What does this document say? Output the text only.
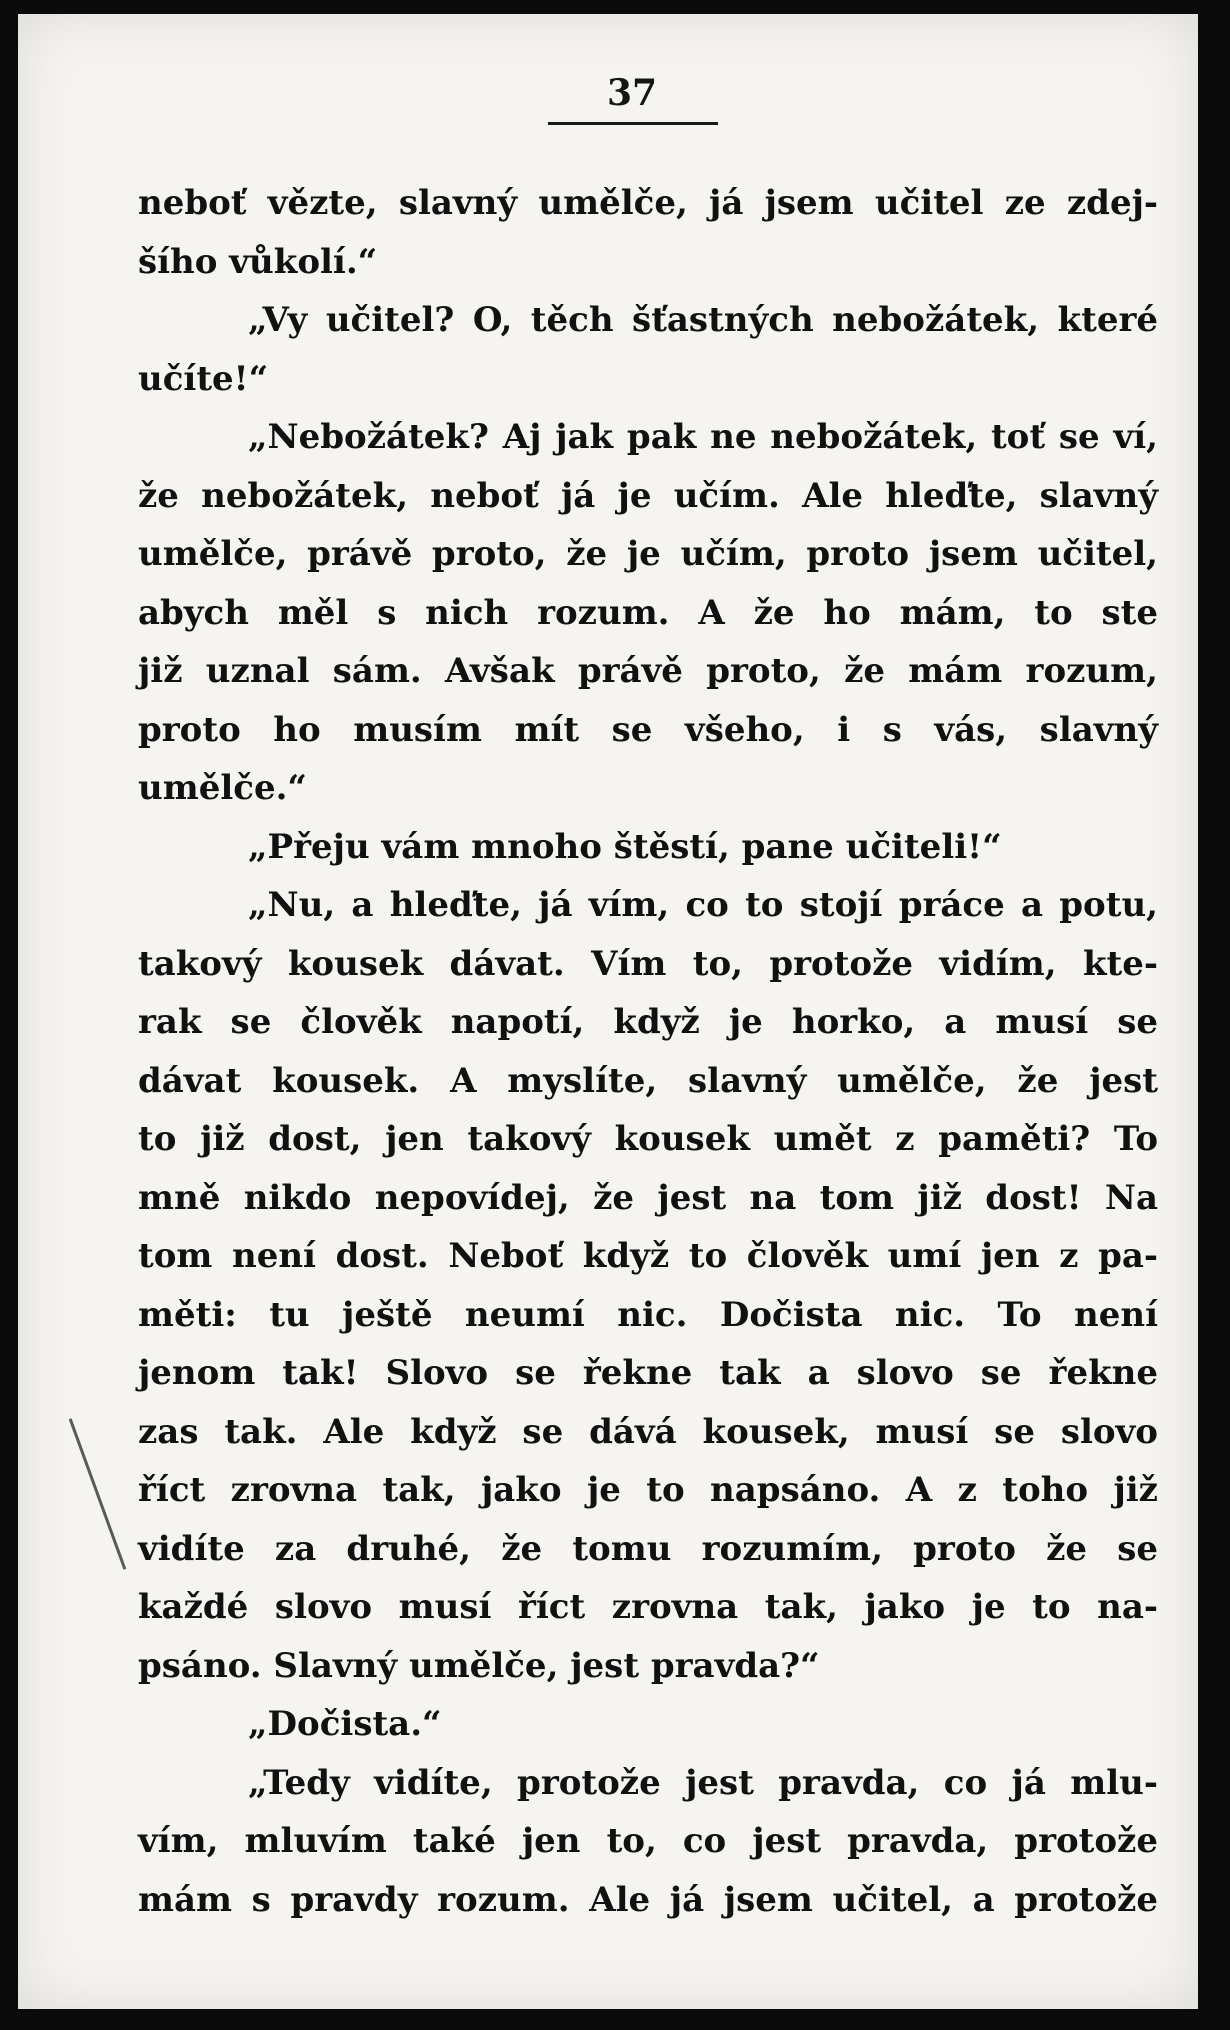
37
neboť vězte, slavný umělče, já jsem učitel ze zdej-
šího vůkolí.“
„Vy učitel? O, těch šťastných nebožátek, které
učíte!“
„Nebožátek? Aj jak pak ne nebožátek, toť se ví,
že nebožátek, neboť já je učím. Ale hleďte, slavný
umělče, právě proto, že je učím, proto jsem učitel,
abych měl s nich rozum. A že ho mám, to ste
již uznal sám. Avšak právě proto, že mám rozum,
proto ho musím mít se všeho, i s vás, slavný
umělče.“
„Přeju vám mnoho štěstí, pane učiteli!“
„Nu, a hleďte, já vím, co to stojí práce a potu,
takový kousek dávat. Vím to, protože vidím, kte-
rak se člověk napotí, když je horko, a musí se
dávat kousek. A myslíte, slavný umělče, že jest
to již dost, jen takový kousek umět z paměti? To
mně nikdo nepovídej, že jest na tom již dost! Na
tom není dost. Neboť když to člověk umí jen z pa-
měti: tu ještě neumí nic. Dočista nic. To není
jenom tak! Slovo se řekne tak a slovo se řekne
zas tak. Ale když se dává kousek, musí se slovo
říct zrovna tak, jako je to napsáno. A z toho již
vidíte za druhé, že tomu rozumím, proto že se
každé slovo musí říct zrovna tak, jako je to na-
psáno. Slavný umělče, jest pravda?“
„Dočista.“
„Tedy vidíte, protože jest pravda, co já mlu-
vím, mluvím také jen to, co jest pravda, protože
mám s pravdy rozum. Ale já jsem učitel, a protože
